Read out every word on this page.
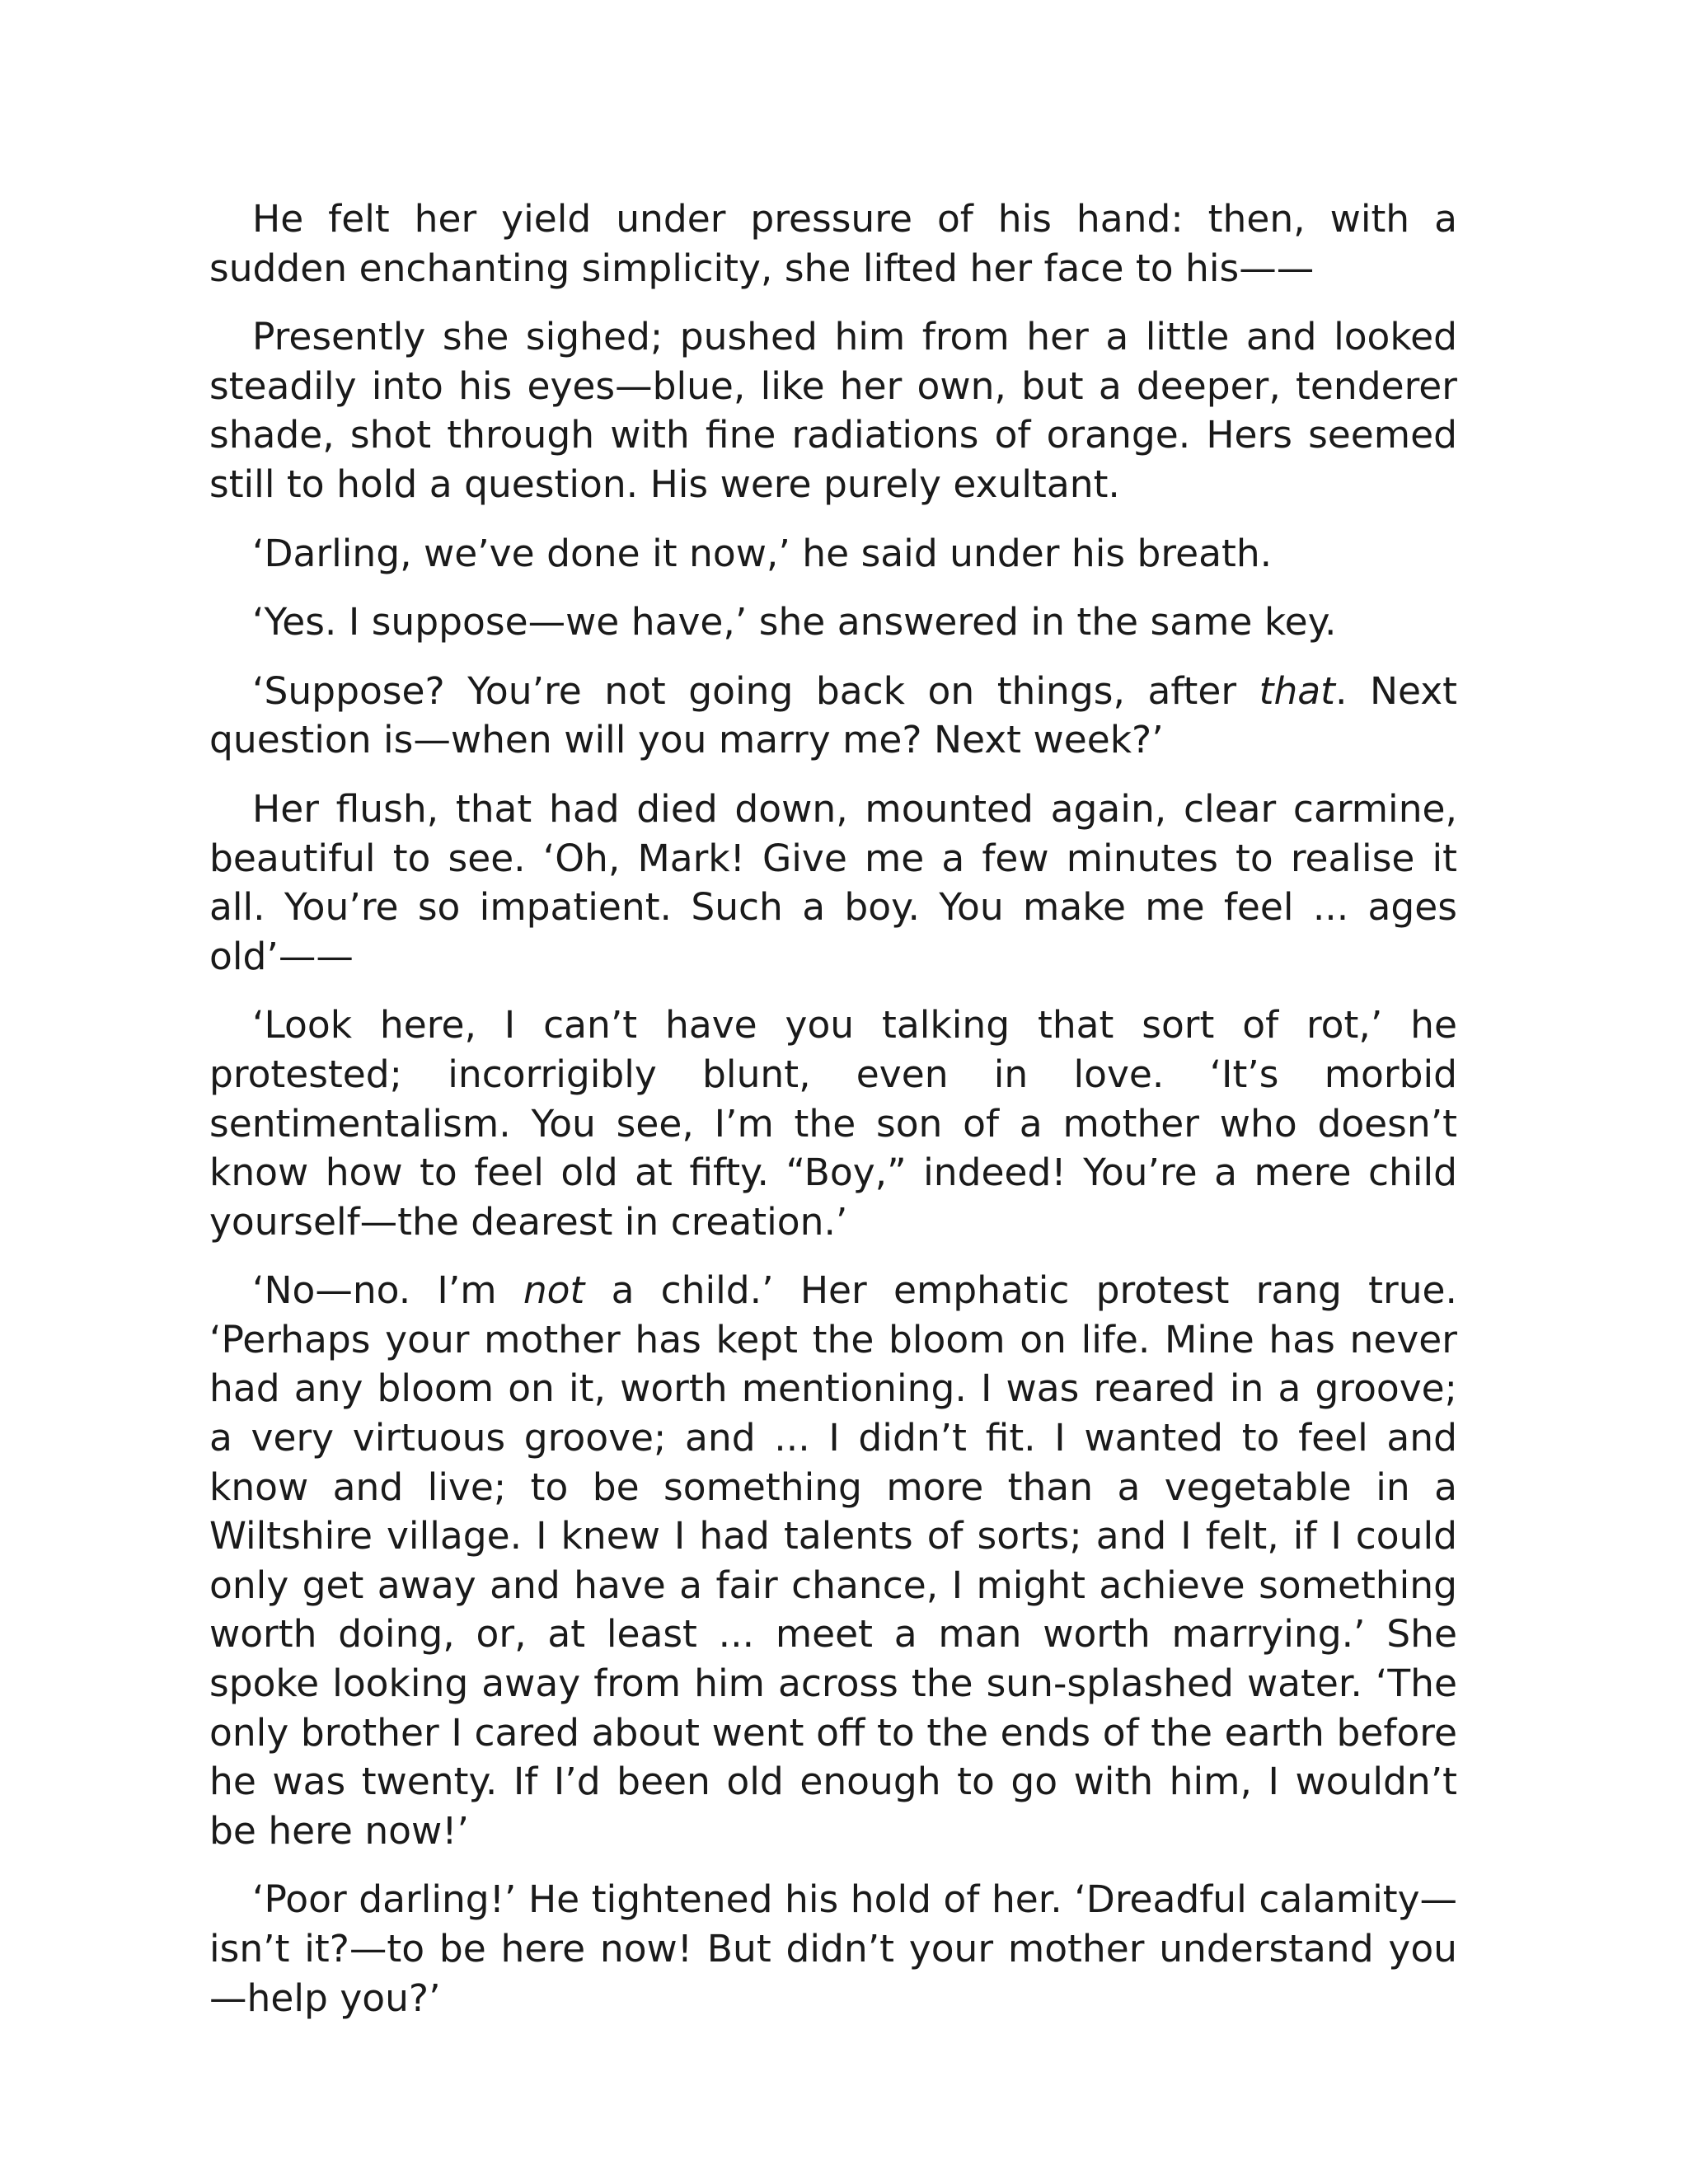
He felt her yield under pressure of his hand: then, with a sudden enchanting simplicity, she lifted her face to his——

Presently she sighed; pushed him from her a little and looked steadily into his eyes—blue, like her own, but a deeper, tenderer shade, shot through with fine radiations of orange. Hers seemed still to hold a question. His were purely exultant.

‘Darling, we’ve done it now,’ he said under his breath.

‘Yes. I suppose—we have,’ she answered in the same key.

‘Suppose? You’re not going back on things, after that. Next question is—when will you marry me? Next week?’

Her flush, that had died down, mounted again, clear carmine, beautiful to see. ‘Oh, Mark! Give me a few minutes to realise it all. You’re so impatient. Such a boy. You make me feel ... ages old’——

‘Look here, I can’t have you talking that sort of rot,’ he protested; incorrigibly blunt, even in love. ‘It’s morbid sentimentalism. You see, I’m the son of a mother who doesn’t know how to feel old at fifty. “Boy,” indeed! You’re a mere child yourself—the dearest in creation.’

‘No—no. I’m not a child.’ Her emphatic protest rang true. ‘Perhaps your mother has kept the bloom on life. Mine has never had any bloom on it, worth mentioning. I was reared in a groove; a very virtuous groove; and ... I didn’t fit. I wanted to feel and know and live; to be something more than a vegetable in a Wiltshire village. I knew I had talents of sorts; and I felt, if I could only get away and have a fair chance, I might achieve something worth doing, or, at least ... meet a man worth marrying.’ She spoke looking away from him across the sun-splashed water. ‘The only brother I cared about went off to the ends of the earth before he was twenty. If I’d been old enough to go with him, I wouldn’t be here now!’

‘Poor darling!’ He tightened his hold of her. ‘Dreadful calamity—isn’t it?—to be here now! But didn’t your mother understand you—help you?’
